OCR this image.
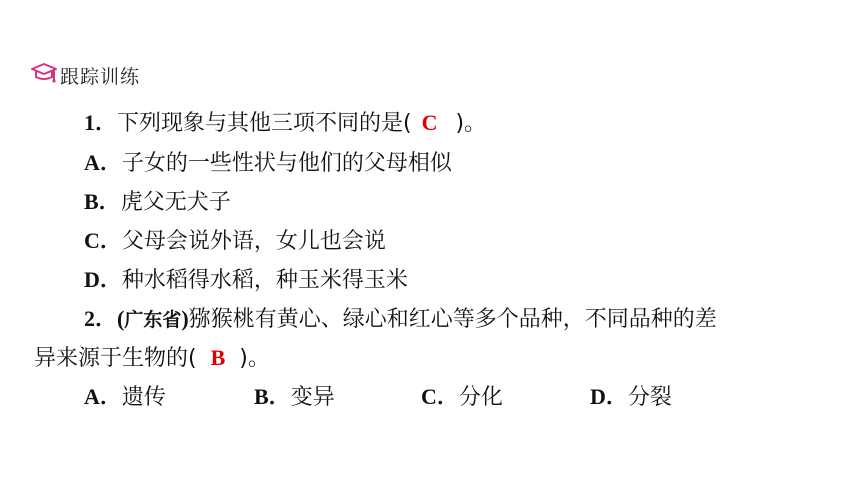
跟踪训练
1．下列现象与其他三项不同的是( C )。
A．子女的一些性状与他们的父母相似
B．虎父无犬子
C．父母会说外语，女儿也会说
D．种水稻得水稻，种玉米得玉米
2．(广东省)猕猴桃有黄心、绿心和红心等多个品种，不同品种的差
异来源于生物的( B )。
A．遗传	B．变异	C．分化	D．分裂
